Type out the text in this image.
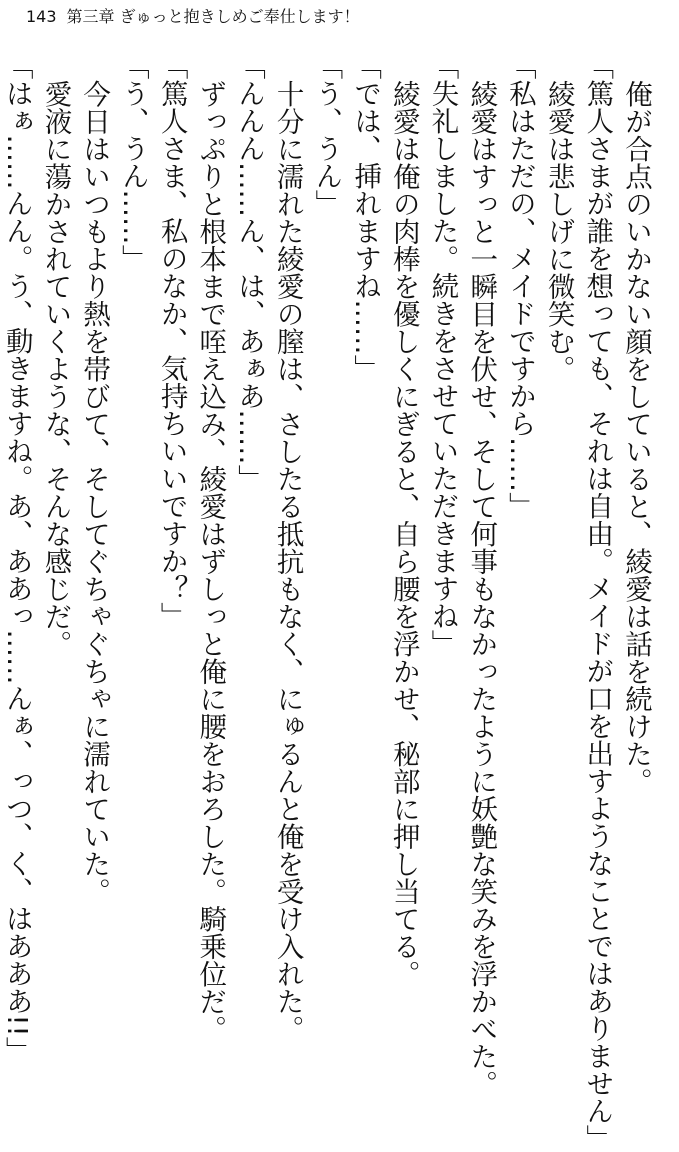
143 第三章 ぎゅっと抱きしめご奉仕します！
俺が合点のいかない顔をしていると、綾愛は話を続けた。
「篤人さまが誰を想っても、それは自由。メイドが口を出すようなことではありません」
綾愛は悲しげに微笑む。
「私はただの、メイドですから……」
綾愛はすっと一瞬目を伏せ、そして何事もなかったように妖艶な笑みを浮かべた。
「失礼しました。続きをさせていただきますね」
綾愛は俺の肉棒を優しくにぎると、自ら腰を浮かせ、秘部に押し当てる。
「では、挿れますね……」
「う、うん」
十分に濡れた綾愛の膣は、さしたる抵抗もなく、にゅるんと俺を受け入れた。
「んんん……ん、は、あぁあ……」
ずっぷりと根本まで咥え込み、綾愛はずしっと俺に腰をおろした。騎乗位だ。
「篤人さま、私のなか、気持ちいいですか？」
「う、うん……」
今日はいつもより熱を帯びて、そしてぐちゃぐちゃに濡れていた。
愛液に蕩かされていくような、そんな感じだ。
「はぁ……んん。う、動きますね。あ、ああっ……んぁ、っつ、く、はあああ!!」
